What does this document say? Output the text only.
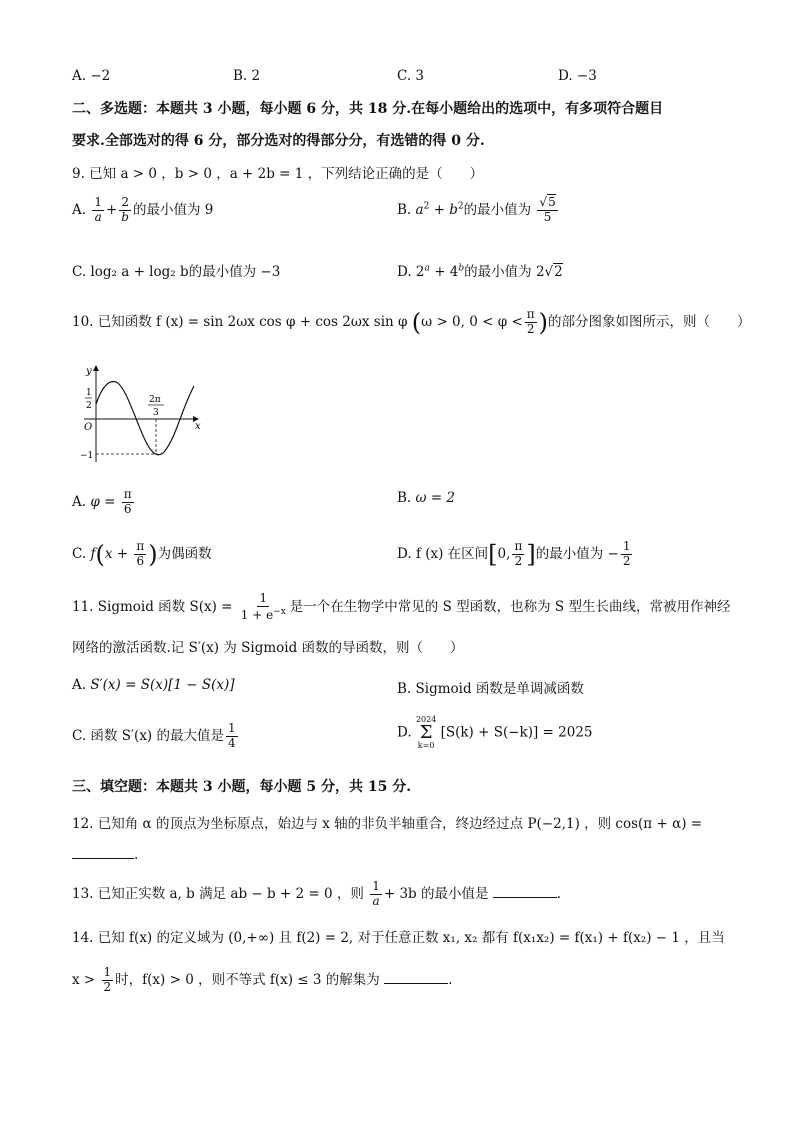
A. −2	B. 2	C. 3	D. −3
二、多选题：本题共 3 小题，每小题 6 分，共 18 分.在每小题给出的选项中，有多项符合题目
要求.全部选对的得 6 分，部分选对的得部分分，有选错的得 0 分.
9. 已知 a > 0 ，b > 0 ，a + 2b = 1 ，下列结论正确的是（　　）
A. $\frac{1}{a} + \frac{2}{b}$ 的最小值为 9	B. $a^2 + b^2$的最小值为 $\frac{√5}{5}$
C. log₂ a + log₂ b的最小值为 −3	D. $2^a + 4^b$的最小值为 2√2
10. 已知函数 f (x) = sin 2ωx cos φ + cos 2ωx sin φ (ω > 0, $0 < \varphi < \frac{\pi}{2}$ )的部分图象如图所示，则（　　）
y
x
O
1
2
−1
2π
3
A. $\varphi = \frac{\pi}{6}$	B. ω = 2
C. $f(x + \frac{\pi}{6}$ )为偶函数	D. f (x) 在区间[0, $\frac{\pi}{2}$ ]的最小值为 − $\frac{1}{2}$
11. Sigmoid 函数 $S(x) = \frac{1}{1 + e^{-x}}$ 是一个在生物学中常见的 S 型函数，也称为 S 型生长曲线，常被用作神经
网络的激活函数.记 S′(x) 为 Sigmoid 函数的导函数，则（　　）
A. S′(x) = S(x)[1 − S(x)]	B. Sigmoid 函数是单调减函数
C. 函数 S′(x) 的最大值是 $\frac{1}{4}$	D.
2024
Σ
k=0
[S(k) + S(−k)] = 2025
三、填空题：本题共 3 小题，每小题 5 分，共 15 分.
12. 已知角 α 的顶点为坐标原点，始边与 x 轴的非负半轴重合，终边经过点 P(−2,1) ，则 cos(π + α) =
.
13. 已知正实数 a, b 满足 ab − b + 2 = 0 ，则 $\frac{1}{a} + 3b$ 的最小值是	.
14. 已知 f(x) 的定义域为 (0,+∞) 且 f(2) = 2, 对于任意正数 x₁, x₂ 都有 f(x₁x₂) = f(x₁) + f(x₂) − 1 ，且当
$x > \frac{1}{2}$ 时，f(x) > 0 ，则不等式 f(x) ≤ 3 的解集为	.
